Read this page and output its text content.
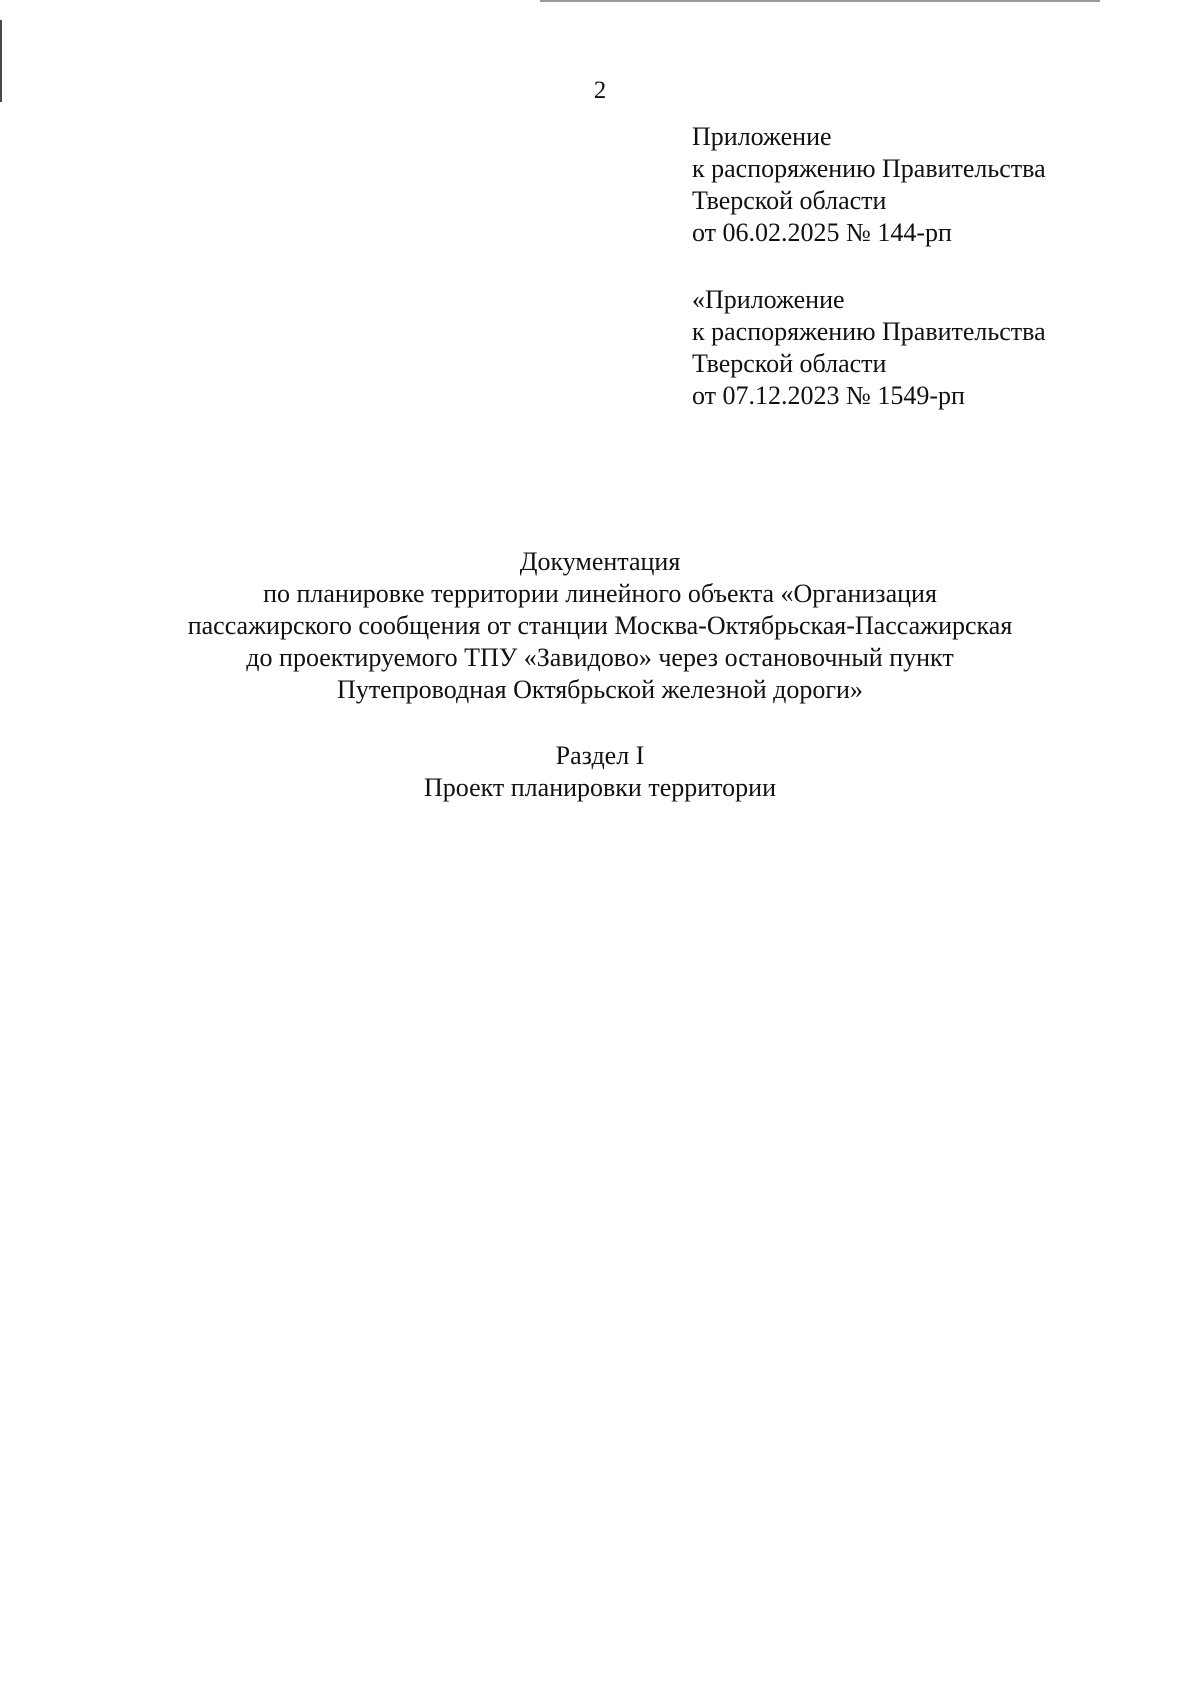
2
Приложение
к распоряжению Правительства
Тверской области
от 06.02.2025 № 144-рп
«Приложение
к распоряжению Правительства
Тверской области
от 07.12.2023 № 1549-рп
Документация
по планировке территории линейного объекта «Организация
пассажирского сообщения от станции Москва-Октябрьская-Пассажирская
до проектируемого ТПУ «Завидово» через остановочный пункт
Путепроводная Октябрьской железной дороги»
Раздел I
Проект планировки территории
